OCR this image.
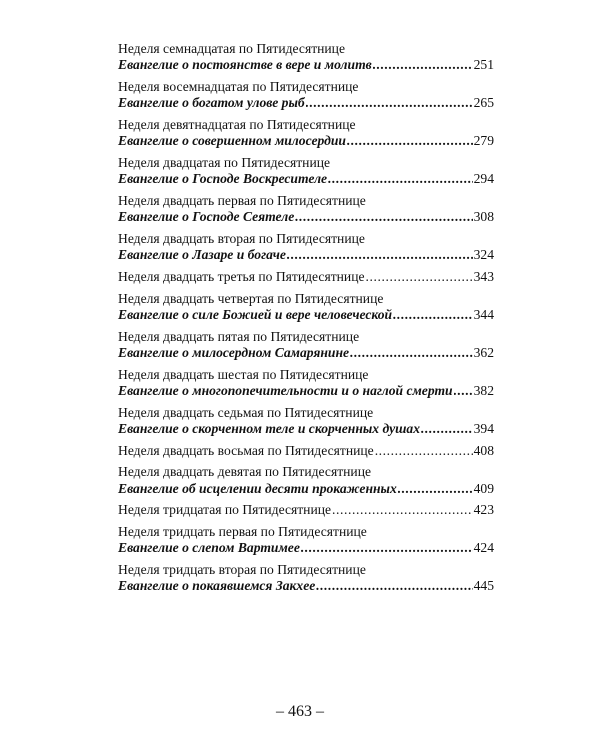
Неделя семнадцатая по Пятидесятнице
Евангелие о постоянстве в вере и молитв .....	251
Неделя восемнадцатая по Пятидесятнице
Евангелие о богатом улове рыб .....	265
Неделя девятнадцатая по Пятидесятнице
Евангелие о совершенном милосердии .....	279
Неделя двадцатая по Пятидесятнице
Евангелие о Господе Воскресителе .....	294
Неделя двадцать первая по Пятидесятнице
Евангелие о Господе Сеятеле .....	308
Неделя двадцать вторая по Пятидесятнице
Евангелие о Лазаре и богаче .....	324
Неделя двадцать третья по Пятидесятнице .....	343
Неделя двадцать четвертая по Пятидесятнице
Евангелие о силе Божией и вере человеческой .....	344
Неделя двадцать пятая по Пятидесятнице
Евангелие о милосердном Самарянине .....	362
Неделя двадцать шестая по Пятидесятнице
Евангелие о многопопечительности и о наглой смерти ..... 382
Неделя двадцать седьмая по Пятидесятнице
Евангелие о скорченном теле и скорченных душах .....	394
Неделя двадцать восьмая по Пятидесятнице .....	408
Неделя двадцать девятая по Пятидесятнице
Евангелие об исцелении десяти прокаженных .....	409
Неделя тридцатая по Пятидесятнице .....	423
Неделя тридцать первая по Пятидесятнице
Евангелие о слепом Вартимее .....	424
Неделя тридцать вторая по Пятидесятнице
Евангелие о покаявшемся Закхее .....	445
– 463 –
